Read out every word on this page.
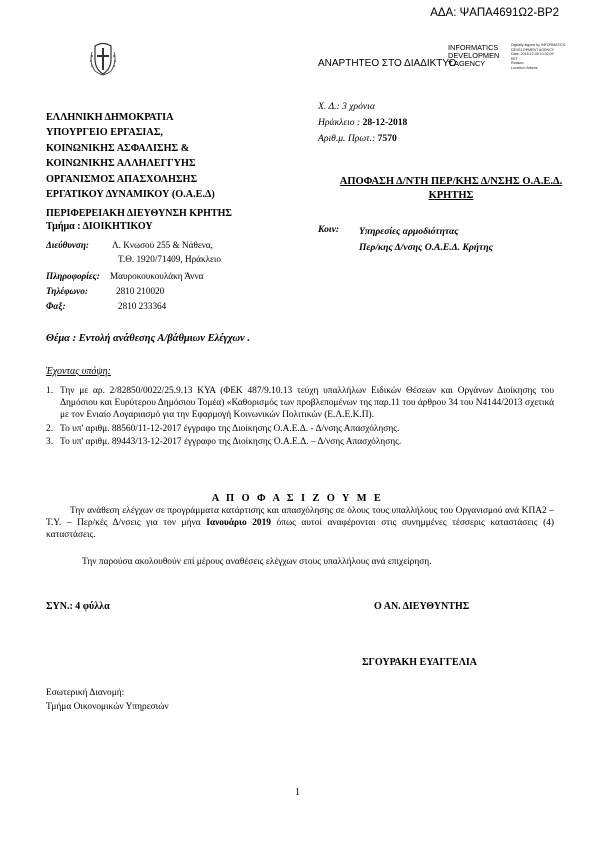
ΑΔΑ: ΨΑΠΑ4691Ω2-ΒΡ2
ΑΝΑΡΤΗΤΕΟ ΣΤΟ ΔΙΑΔΙΚΤΥΟ
INFORMATICS
DEVELOPMEN
T AGENCY
Digitally signed by INFORMATICS
DEVELOPMENT AGENCY
Date: 2018.12.28 10:32:09
EET
Reason:
Location: Athens
ΕΛΛΗΝΙΚΗ ΔΗΜΟΚΡΑΤΙΑ
ΥΠΟΥΡΓΕΙΟ ΕΡΓΑΣΙΑΣ,
ΚΟΙΝΩΝΙΚΗΣ ΑΣΦΑΛΙΣΗΣ &
ΚΟΙΝΩΝΙΚΗΣ ΑΛΛΗΛΕΓΓΥΗΣ
ΟΡΓΑΝΙΣΜΟΣ ΑΠΑΣΧΟΛΗΣΗΣ
ΕΡΓΑΤΙΚΟΥ ΔΥΝΑΜΙΚΟΥ (Ο.Α.Ε.Δ)
Χ. Δ.: 3 χρόνια
Ηράκλειο : 28-12-2018
Αριθ.μ. Πρωτ.: 7570
ΑΠΟΦΑΣΗ Δ/ΝΤΗ ΠΕΡ/ΚΗΣ Δ/ΝΣΗΣ Ο.Α.Ε.Δ. ΚΡΗΤΗΣ
ΠΕΡΙΦΕΡΕΙΑΚΗ ΔΙΕΥΘΥΝΣΗ ΚΡΗΤΗΣ
Τμήμα : ΔΙΟΙΚΗΤΙΚΟΥ	Κοιν: Υπηρεσίες αρμοδιότητας
Περ/κης Δ/νσης Ο.Α.Ε.Δ. Κρήτης
Διεύθυνση:	Λ. Κνωσού 255 & Νάθενα,
Τ.Θ. 1920/71409, Ηράκλειο
Πληροφορίες: Μαυροκουκουλάκη Άννα
Τηλέφωνο:	2810 210020
Φαξ:	2810 233364
Θέμα : Εντολή ανάθεσης Α/βάθμιων Ελέγχων .
Έχοντας υπόψη:
1. Την με αρ. 2/82850/0022/25.9.13 ΚΥΑ (ΦΕΚ 487/9.10.13 τεύχη υπαλλήλων Ειδικών Θέσεων και Οργάνων Διοίκησης του Δημόσιου και Ευρύτερου Δημόσιου Τομέα) «Καθορισμός των προβλεπομένων της παρ.11 του άρθρου 34 του Ν4144/2013 σχετικά με τον Ενιαίο Λογαριασμό για την Εφαρμογή Κοινωνικών Πολιτικών (Ε.Λ.Ε.Κ.Π).
2. Το υπ' αριθμ. 88560/11-12-2017 έγγραφο της Διοίκησης Ο.Α.Ε.Δ. - Δ/νσης Απασχόλησης.
3. Το υπ' αριθμ. 89443/13-12-2017 έγγραφο της Διοίκησης Ο.Α.Ε.Δ. – Δ/νσης Απασχόλησης.
Α Π Ο Φ Α Σ Ι Ζ Ο Υ Μ Ε
Την ανάθεση ελέγχων σε προγράμματα κατάρτισης και απασχόλησης σε όλους τους υπαλλήλους του Οργανισμού ανά ΚΠΑ2 – Τ.Υ. – Περ/κές Δ/νσεις για τον μήνα Ιανουάριο 2019 όπως αυτοί αναφέρονται στις συνημμένες τέσσερις καταστάσεις (4) καταστάσεις.
Την παρούσα ακολουθούν επί μέρους αναθέσεις ελέγχων στους υπαλλήλους ανά επιχείρηση.
ΣΥΝ.: 4 φύλλα	Ο ΑΝ. ΔΙΕΥΘΥΝΤΗΣ
ΣΓΟΥΡΑΚΗ ΕΥΑΓΓΕΛΙΑ
Εσωτερική Διανομή:
Τμήμα Οικονομικών Υπηρεσιών
1
